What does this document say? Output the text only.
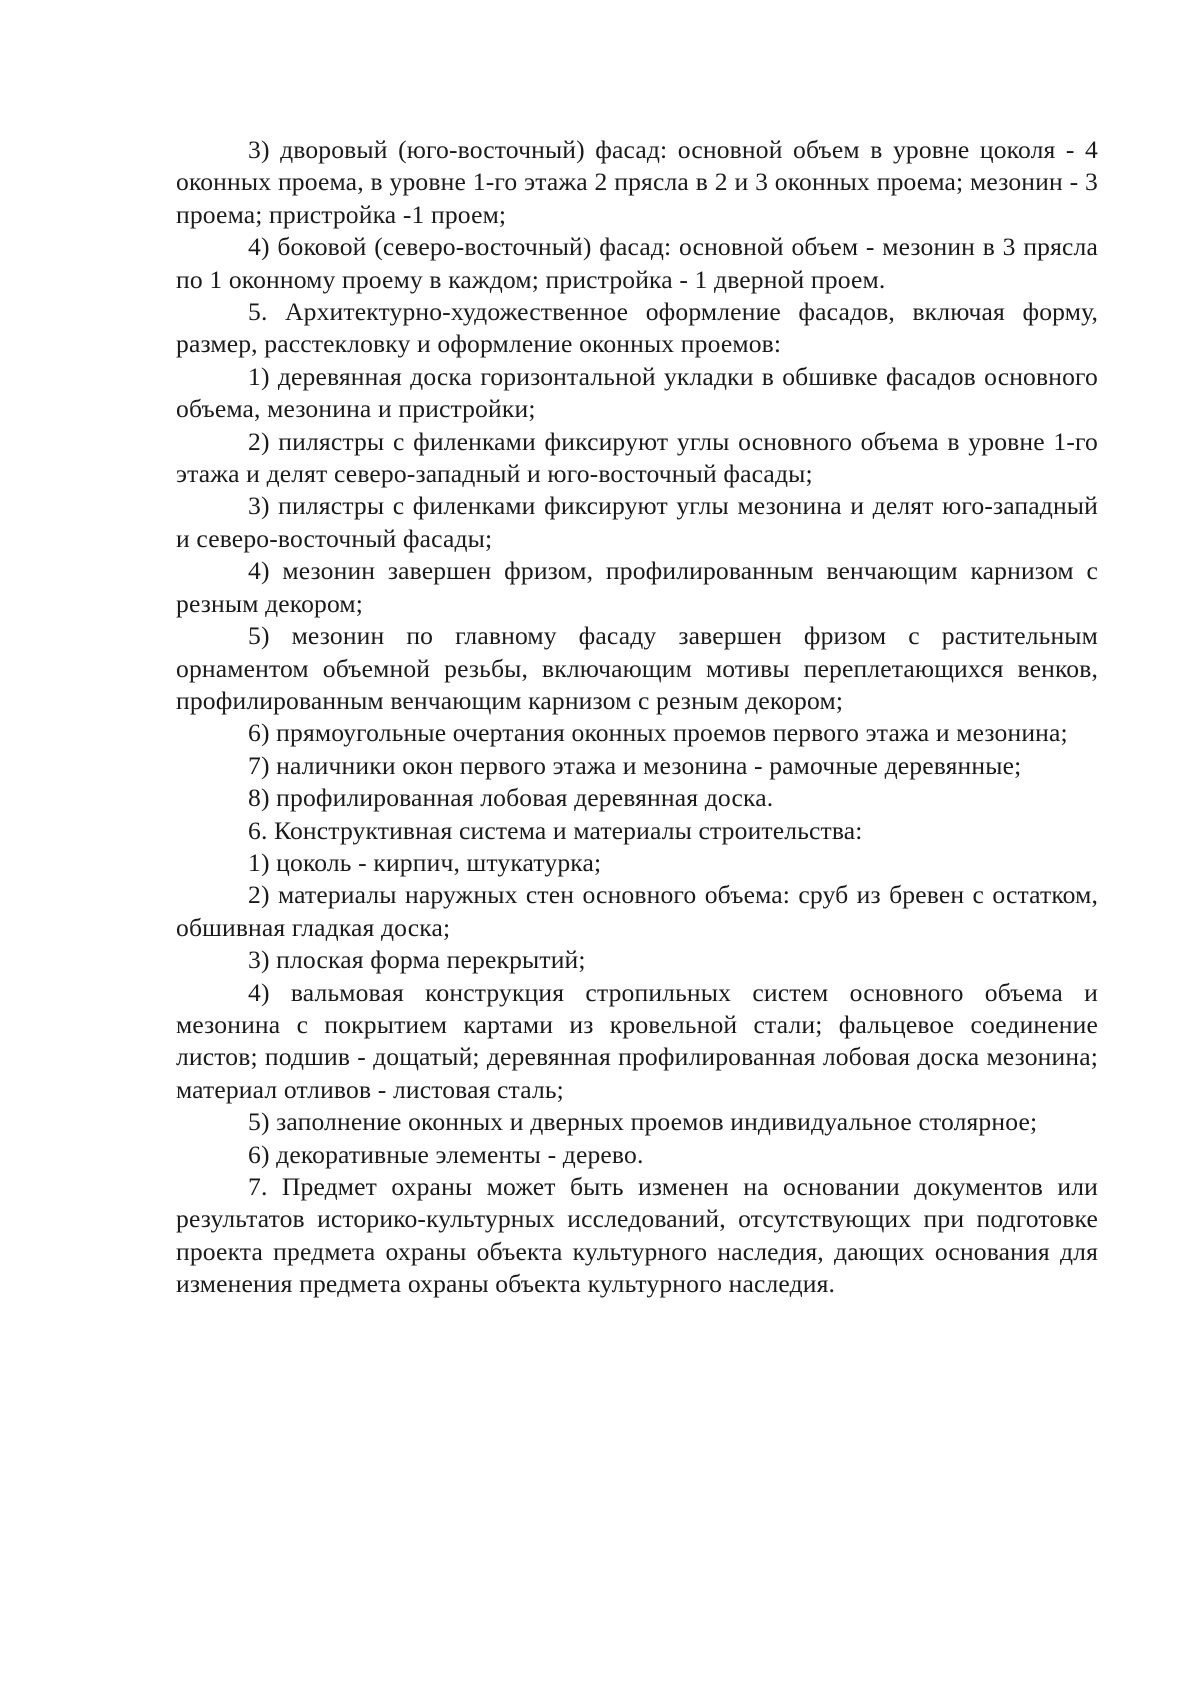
3) дворовый (юго-восточный) фасад: основной объем в уровне цоколя - 4 оконных проема, в уровне 1-го этажа 2 прясла в 2 и 3 оконных проема; мезонин - 3 проема; пристройка -1 проем;

4) боковой (северо-восточный) фасад: основной объем - мезонин в 3 прясла по 1 оконному проему в каждом; пристройка - 1 дверной проем.

5. Архитектурно-художественное оформление фасадов, включая форму, размер, расстекловку и оформление оконных проемов:

1) деревянная доска горизонтальной укладки в обшивке фасадов основного объема, мезонина и пристройки;

2) пилястры с филенками фиксируют углы основного объема в уровне 1-го этажа и делят северо-западный и юго-восточный фасады;

3) пилястры с филенками фиксируют углы мезонина и делят юго-западный и северо-восточный фасады;

4) мезонин завершен фризом, профилированным венчающим карнизом с резным декором;

5) мезонин по главному фасаду завершен фризом с растительным орнаментом объемной резьбы, включающим мотивы переплетающихся венков, профилированным венчающим карнизом с резным декором;

6) прямоугольные очертания оконных проемов первого этажа и мезонина;

7) наличники окон первого этажа и мезонина - рамочные деревянные;

8) профилированная лобовая деревянная доска.

6. Конструктивная система и материалы строительства:

1) цоколь - кирпич, штукатурка;

2) материалы наружных стен основного объема: сруб из бревен с остатком, обшивная гладкая доска;

3) плоская форма перекрытий;

4) вальмовая конструкция стропильных систем основного объема и мезонина с покрытием картами из кровельной стали; фальцевое соединение листов; подшив - дощатый; деревянная профилированная лобовая доска мезонина; материал отливов - листовая сталь;

5) заполнение оконных и дверных проемов индивидуальное столярное;

6) декоративные элементы - дерево.

7. Предмет охраны может быть изменен на основании документов или результатов историко-культурных исследований, отсутствующих при подготовке проекта предмета охраны объекта культурного наследия, дающих основания для изменения предмета охраны объекта культурного наследия.
